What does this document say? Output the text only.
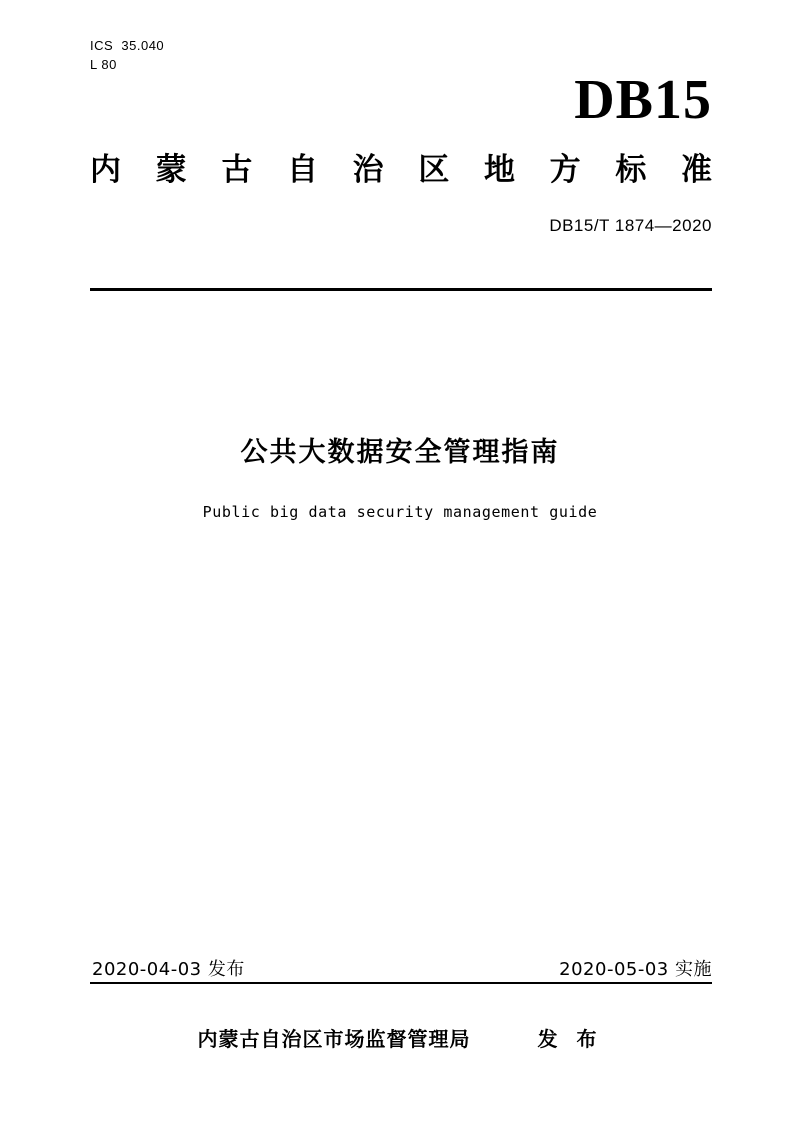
ICS  35.040
L 80
DB15
内蒙古自治区地方标准
DB15/T 1874—2020
公共大数据安全管理指南
Public big data security management guide
2020-04-03 发布	2020-05-03 实施
内蒙古自治区市场监督管理局	发 布
